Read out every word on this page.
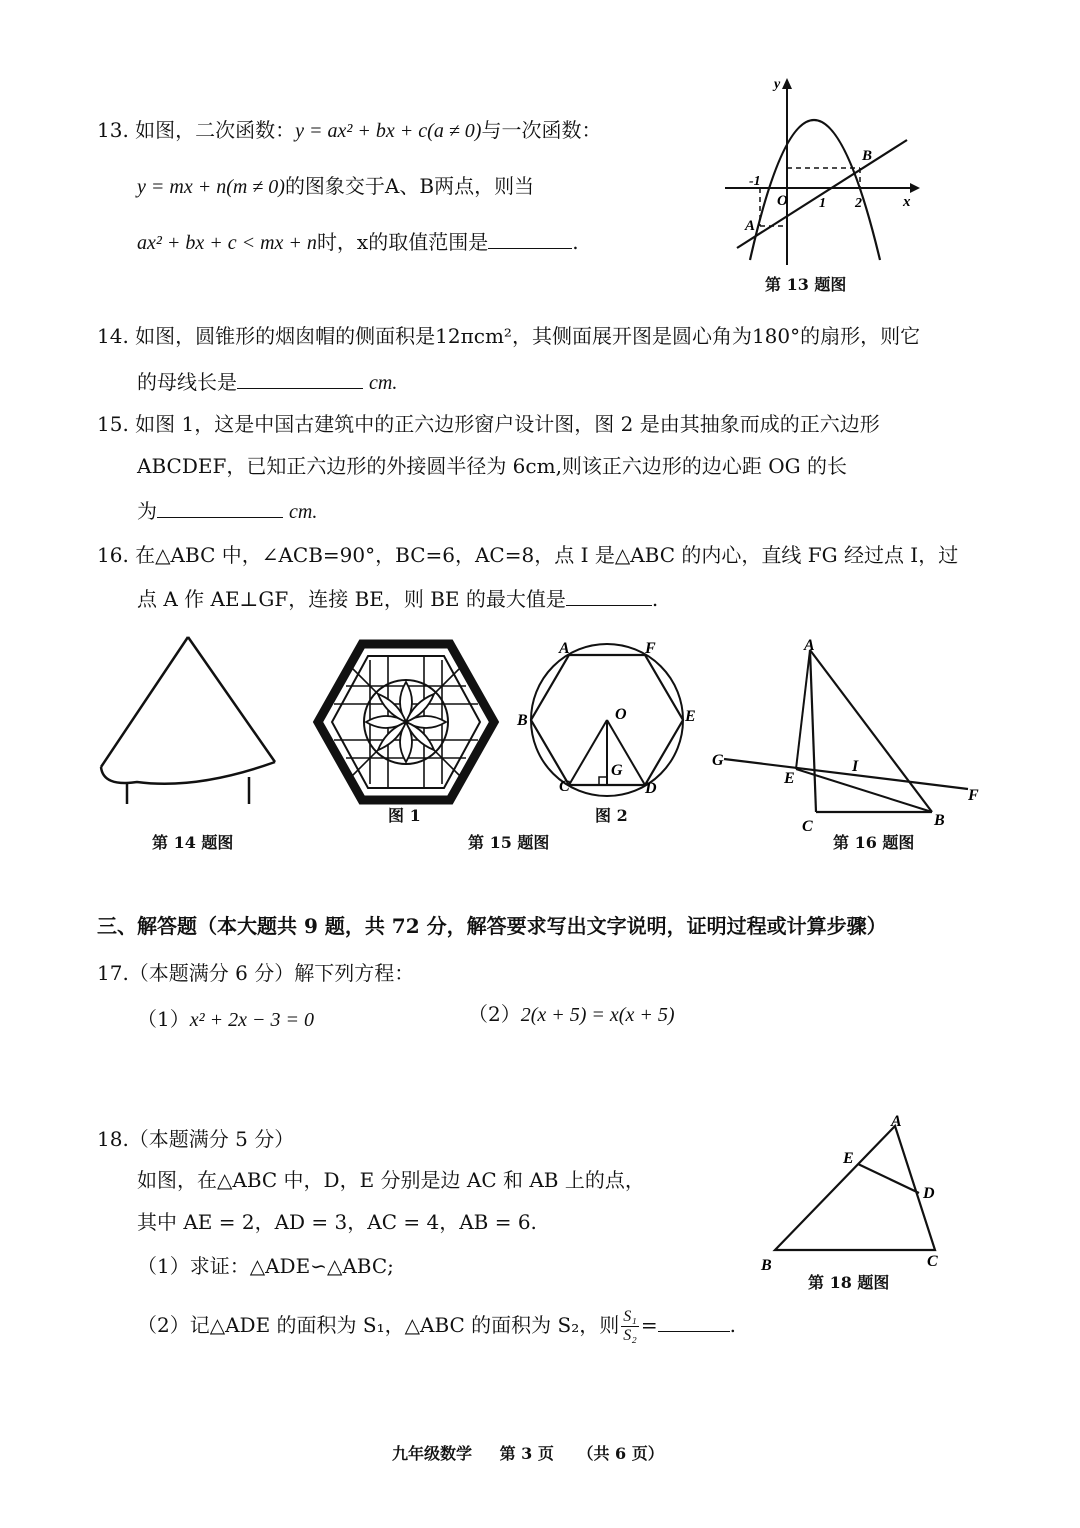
13. 如图，二次函数：y = ax² + bx + c(a ≠ 0)与一次函数：
y = mx + n(m ≠ 0)的图象交于A、B两点，则当
ax² + bx + c < mx + n时，x的取值范围是	.
y
x
O
-1
1 2
A
B
第 13 题图
14. 如图，圆锥形的烟囱帽的侧面积是12πcm²，其侧面展开图是圆心角为180°的扇形，则它
的母线长是	cm.
15. 如图 1，这是中国古建筑中的正六边形窗户设计图，图 2 是由其抽象而成的正六边形
ABCDEF，已知正六边形的外接圆半径为 6cm,则该正六边形的边心距 OG 的长
为	cm.
16. 在△ABC 中，∠ACB=90°，BC=6，AC=8，点 I 是△ABC 的内心，直线 FG 经过点 I，过
点 A 作 AE⊥GF，连接 BE，则 BE 的最大值是	.
第 14 题图
图 1
A	F
B	E
O
C
G
D
图 2
第 15 题图
A
G
E
I
F
C	B
第 16 题图
三、解答题（本大题共 9 题，共 72 分，解答要求写出文字说明，证明过程或计算步骤）
17.（本题满分 6 分）解下列方程：
（1）x² + 2x − 3 = 0	（2）2(x + 5) = x(x + 5)
18.（本题满分 5 分）
如图，在△ABC 中，D，E 分别是边 AC 和 AB 上的点，
其中 AE = 2，AD = 3，AC = 4，AB = 6.
（1）求证：△ADE∽△ABC;
（2）记△ADE 的面积为 S₁，△ABC 的面积为 S₂，则 $\frac{\text{S₁}}{\text{S₂}}$ =	.
A
E
D
B	C
第 18 题图
九年级数学 第 3 页 （共 6 页）
